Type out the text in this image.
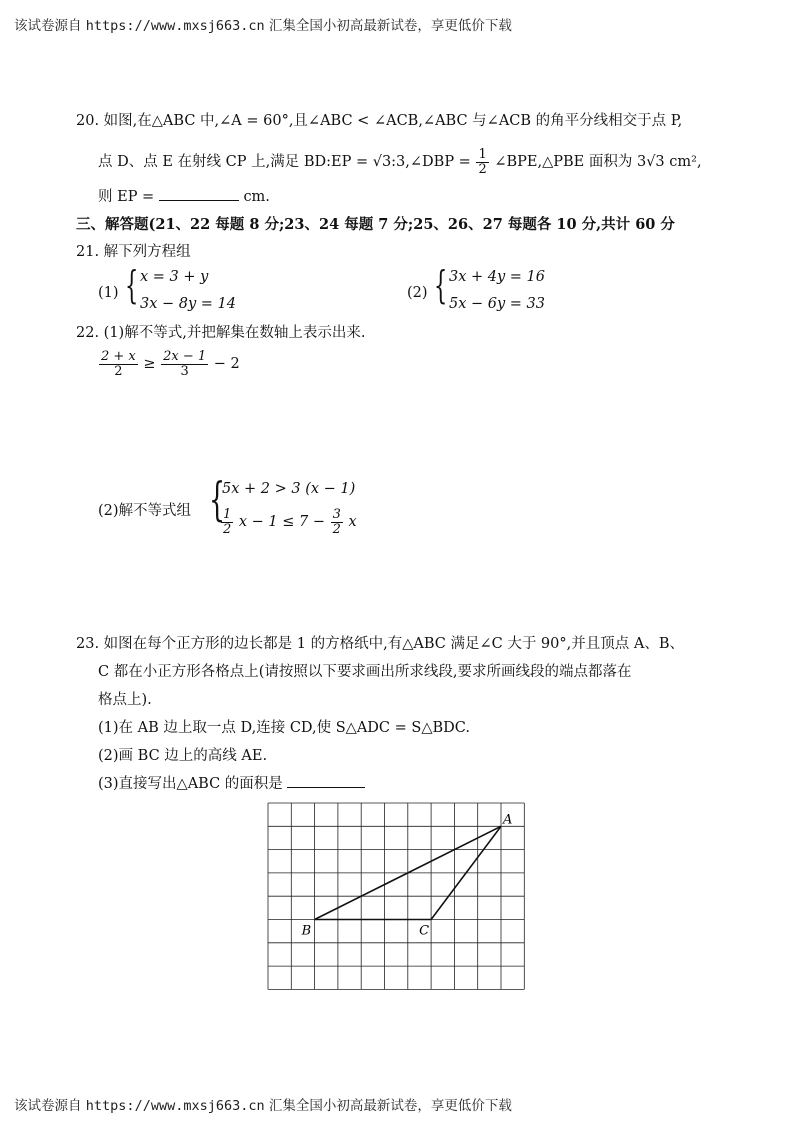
该试卷源自 https://www.mxsj663.cn 汇集全国小初高最新试卷，享更低价下载
20. 如图,在△ABC 中,∠A = 60°,且∠ABC < ∠ACB,∠ABC 与∠ACB 的角平分线相交于点 P,
点 D、点 E 在射线 CP 上,满足 BD:EP = √3:3,∠DBP = $\frac{1}{2}$ ∠BPE,△PBE 面积为 3√3 cm²,
则 EP =	cm.
三、解答题(21、22 每题 8 分;23、24 每题 7 分;25、26、27 每题各 10 分,共计 60 分
21. 解下列方程组
(1) { x = 3 + y
3x − 8y = 14
(2) { 3x + 4y = 16
5x − 6y = 33
22. (1)解不等式,并把解集在数轴上表示出来.
$\frac{2 + x}{2} \ge \frac{2x - 1}{3} - 2$
(2)解不等式组 {
5x + 2 > 3 (x − 1)
$\frac{1}{2}$ $x - 1 \le 7 - \frac{3}{2}$ x
23. 如图在每个正方形的边长都是 1 的方格纸中,有△ABC 满足∠C 大于 90°,并且顶点 A、B、
C 都在小正方形各格点上(请按照以下要求画出所求线段,要求所画线段的端点都落在
格点上).
(1)在 AB 边上取一点 D,连接 CD,使 S△ADC = S△BDC.
(2)画 BC 边上的高线 AE.
(3)直接写出△ABC 的面积是
A
B	C
该试卷源自 https://www.mxsj663.cn 汇集全国小初高最新试卷，享更低价下载
